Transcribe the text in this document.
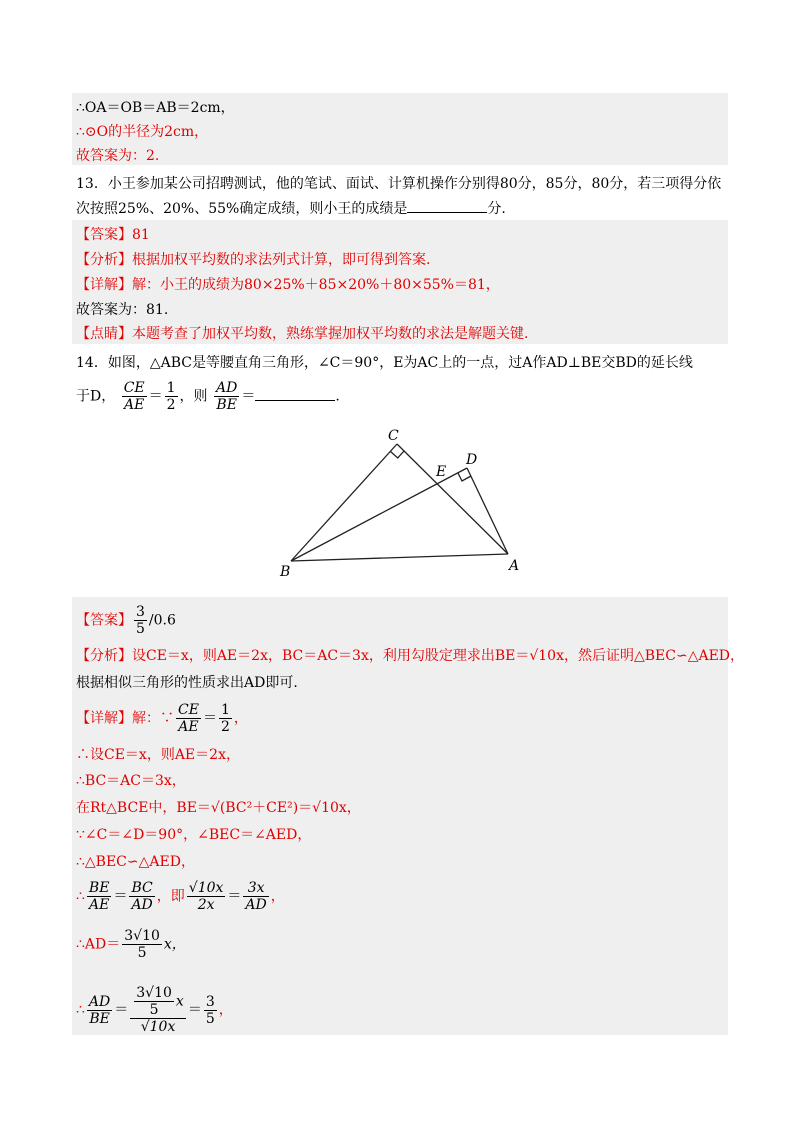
∴OA＝OB＝AB＝2cm，
∴⊙O的半径为2cm，
故答案为：2.
13．小王参加某公司招聘测试，他的笔试、面试、计算机操作分别得80分，85分，80分，若三项得分依
次按照25%、20%、55%确定成绩，则小王的成绩是	分.
【答案】81
【分析】根据加权平均数的求法列式计算，即可得到答案.
【详解】解：小王的成绩为80×25%＋85×20%＋80×55%＝81，
故答案为：81.
【点睛】本题考查了加权平均数，熟练掌握加权平均数的求法是解题关键.
14．如图，△ABC是等腰直角三角形，∠C＝90°，E为AC上的一点，过A作AD⊥BE交BD的延长线
于D， $\frac{CE}{AE} = \frac{1}{2}$ ，则 $\frac{AD}{BE}$ ＝	.
C
D
E
A
B
【答案】 $\frac{3}{5} /0.6$
【分析】设CE＝x，则AE＝2x，BC＝AC＝3x，利用勾股定理求出BE＝√10x，然后证明△BEC∽△AED，
根据相似三角形的性质求出AD即可.
【详解】解：∵ $\frac{CE}{AE} = \frac{1}{2}$ ，
∴设CE＝x，则AE＝2x，
∴BC＝AC＝3x，
在Rt△BCE中，BE＝√(BC²＋CE²)＝√10x，
∵∠C＝∠D＝90°，∠BEC＝∠AED，
∴△BEC∽△AED，
∴ $\frac{BE}{AE} = \frac{BC}{AD}$ ，即 $\frac{√10x}{2x} = \frac{3x}{AD}$ ，
∴AD＝ $\frac{3√10}{5}$ x，
∴ $\frac{AD}{BE} = \frac{\frac{3√10}{5} x}{√10x} = \frac{3}{5}$ ，
